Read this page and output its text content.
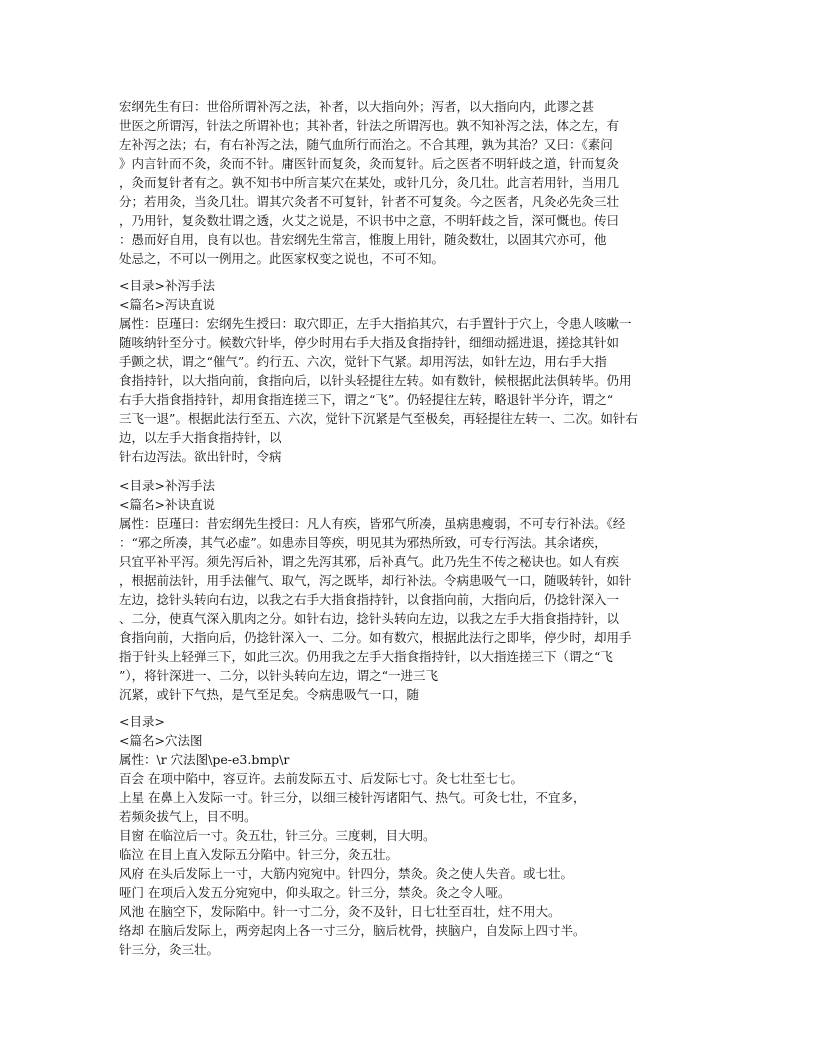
宏纲先生有曰：世俗所谓补泻之法，补者，以大指向外；泻者，以大指向内，此谬之甚
世医之所谓泻，针法之所谓补也；其补者，针法之所谓泻也。孰不知补泻之法，体之左，有
左补泻之法；右，有右补泻之法，随气血所行而治之。不合其理，孰为其治？又曰：《素问
》内言针而不灸，灸而不针。庸医针而复灸，灸而复针。后之医者不明轩歧之道，针而复灸
，灸而复针者有之。孰不知书中所言某穴在某处，或针几分，灸几壮。此言若用针，当用几
分；若用灸，当灸几壮。谓其穴灸者不可复针，针者不可复灸。今之医者，凡灸必先灸三壮
，乃用针，复灸数壮谓之透，火艾之说是，不识书中之意，不明轩歧之旨，深可慨也。传曰
：愚而好自用，良有以也。昔宏纲先生常言，惟腹上用针，随灸数壮，以固其穴亦可，他
处忌之，不可以一例用之。此医家权变之说也，不可不知。
<目录>补泻手法
<篇名>泻诀直说
属性：臣瑾曰：宏纲先生授曰：取穴即正，左手大指掐其穴，右手置针于穴上，令患人咳嗽一
随咳纳针至分寸。候数穴针毕，停少时用右手大指及食指持针，细细动摇进退，搓捻其针如
手颤之状，谓之“催气”。约行五、六次，觉针下气紧。却用泻法，如针左边，用右手大指
食指持针，以大指向前，食指向后，以针头轻提往左转。如有数针，候根据此法俱转毕。仍用
右手大指食指持针，却用食指连搓三下，谓之“飞”。仍轻提往左转，略退针半分许，谓之“
三飞一退”。根据此法行至五、六次，觉针下沉紧是气至极矣，再轻提往左转一、二次。如针右
边，以左手大指食指持针，以
针右边泻法。欲出针时，令病
<目录>补泻手法
<篇名>补诀直说
属性：臣瑾曰：昔宏纲先生授曰：凡人有疾，皆邪气所凑，虽病患瘦弱，不可专行补法。《经
：“邪之所凑，其气必虚”。如患赤目等疾，明见其为邪热所致，可专行泻法。其余诸疾，
只宜平补平泻。须先泻后补，谓之先泻其邪，后补真气。此乃先生不传之秘诀也。如人有疾
，根据前法针，用手法催气、取气，泻之既毕，却行补法。令病患吸气一口，随吸转针，如针
左边，捻针头转向右边，以我之右手大指食指持针，以食指向前，大指向后，仍捻针深入一
、二分，使真气深入肌肉之分。如针右边，捻针头转向左边，以我之左手大指食指持针，以
食指向前，大指向后，仍捻针深入一、二分。如有数穴，根据此法行之即毕，停少时，却用手
指于针头上轻弹三下，如此三次。仍用我之左手大指食指持针，以大指连搓三下（谓之“飞
”），将针深进一、二分，以针头转向左边，谓之“一进三飞
沉紧，或针下气热，是气至足矣。令病患吸气一口，随
<目录>
<篇名>穴法图
属性：\r 穴法图\pe-e3.bmp\r
百会 在项中陷中，容豆许。去前发际五寸、后发际七寸。灸七壮至七七。
上星 在鼻上入发际一寸。针三分，以细三棱针泻诸阳气、热气。可灸七壮，不宜多，
若频灸拔气上，目不明。
目窗 在临泣后一寸。灸五壮，针三分。三度刺，目大明。
临泣 在目上直入发际五分陷中。针三分，灸五壮。
风府 在头后发际上一寸，大筋内宛宛中。针四分，禁灸。灸之使人失音。或七壮。
哑门 在项后入发五分宛宛中，仰头取之。针三分，禁灸。灸之令人哑。
风池 在脑空下，发际陷中。针一寸二分，灸不及针，日七壮至百壮，炷不用大。
络却 在脑后发际上，两旁起肉上各一寸三分，脑后枕骨，挟脑户，自发际上四寸半。
针三分，灸三壮。
